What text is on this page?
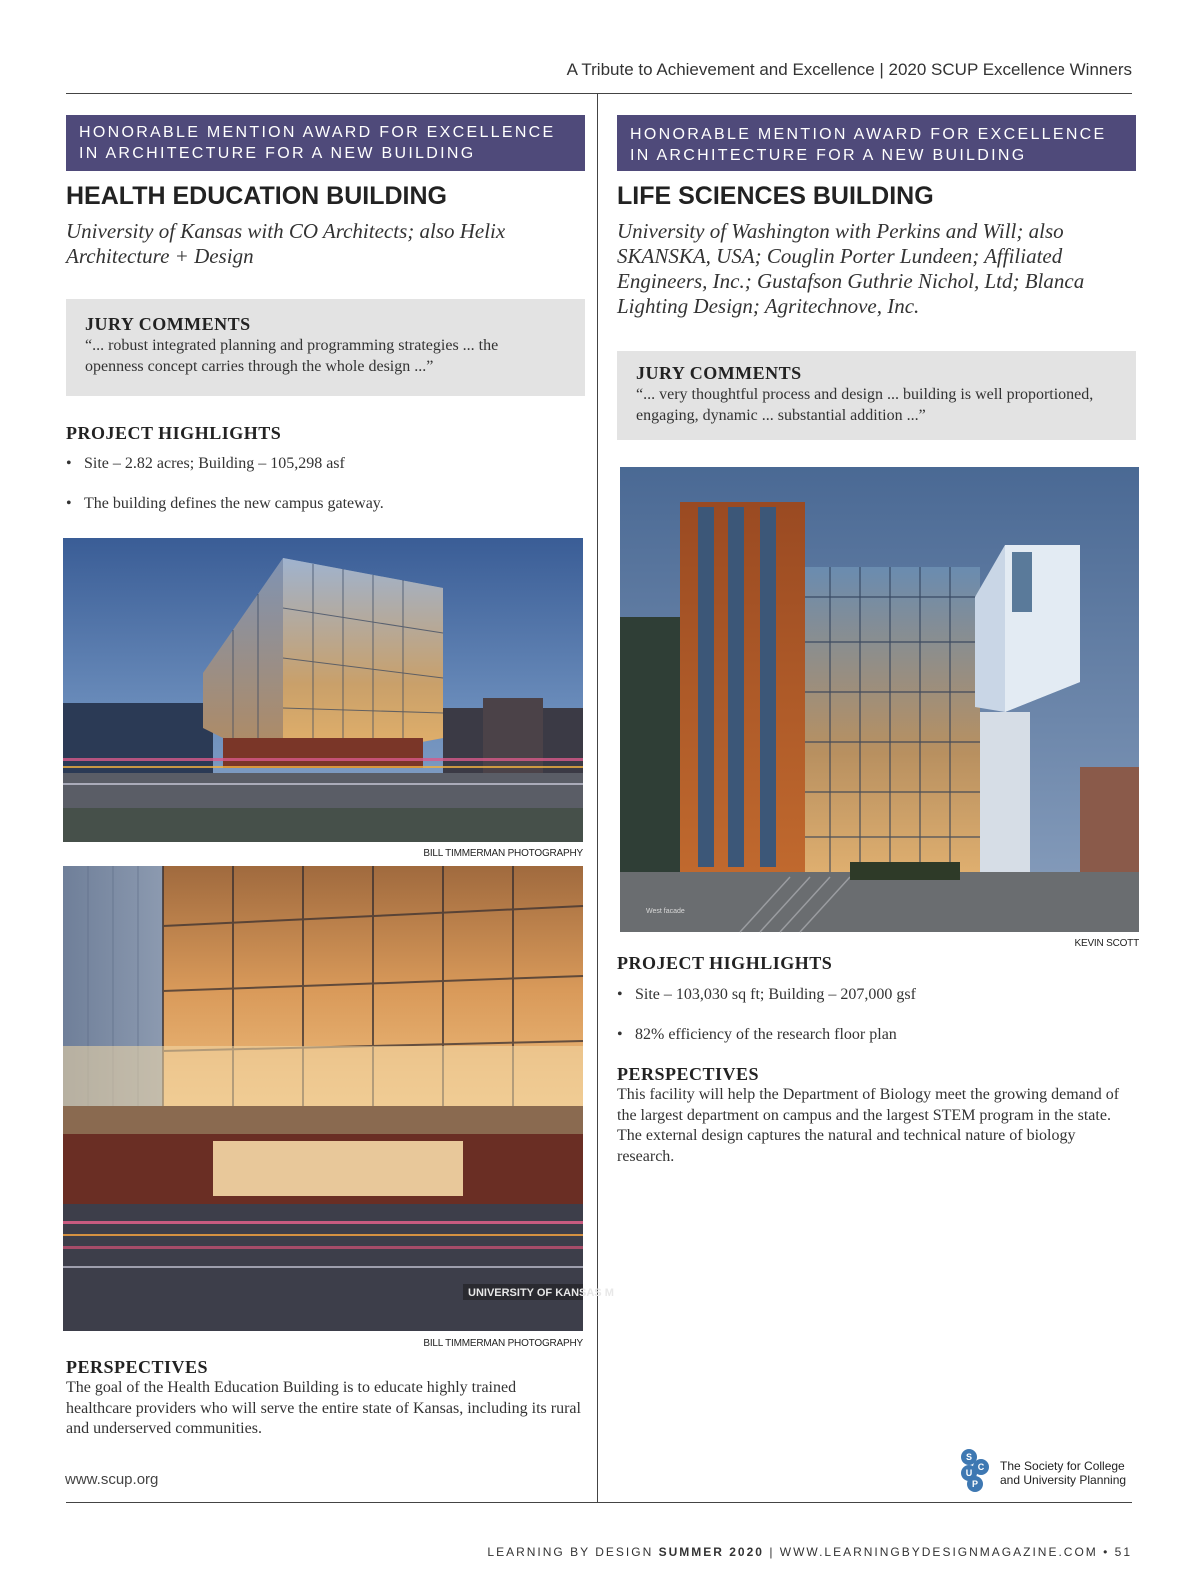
A Tribute to Achievement and Excellence | 2020 SCUP Excellence Winners
HONORABLE MENTION AWARD FOR EXCELLENCE
IN ARCHITECTURE FOR A NEW BUILDING
HEALTH EDUCATION BUILDING
University of Kansas with CO Architects; also Helix Architecture + Design
JURY COMMENTS
“... robust integrated planning and programming strategies ... the openness concept carries through the whole design ...”
PROJECT HIGHLIGHTS
• Site – 2.82 acres; Building – 105,298 asf
• The building defines the new campus gateway.
BILL TIMMERMAN PHOTOGRAPHY
UNIVERSITY OF KANSAS M
BILL TIMMERMAN PHOTOGRAPHY
PERSPECTIVES
The goal of the Health Education Building is to educate highly trained healthcare providers who will serve the entire state of Kansas, including its rural and underserved communities.
HONORABLE MENTION AWARD FOR EXCELLENCE
IN ARCHITECTURE FOR A NEW BUILDING
LIFE SCIENCES BUILDING
University of Washington with Perkins and Will; also SKANSKA, USA; Couglin Porter Lundeen; Affiliated Engineers, Inc.; Gustafson Guthrie Nichol, Ltd; Blanca Lighting Design; Agritechnove, Inc.
JURY COMMENTS
“... very thoughtful process and design ... building is well proportioned, engaging, dynamic ... substantial addition ...”
West facade
KEVIN SCOTT
PROJECT HIGHLIGHTS
• Site – 103,030 sq ft; Building – 207,000 gsf
• 82% efficiency of the research floor plan
PERSPECTIVES
This facility will help the Department of Biology meet the growing demand of the largest department on campus and the largest STEM program in the state. The external design captures the natural and technical nature of biology research.
www.scup.org
S
C
U
P
The Society for College
and University Planning
LEARNING BY DESIGN SUMMER 2020 | WWW.LEARNINGBYDESIGNMAGAZINE.COM • 51
